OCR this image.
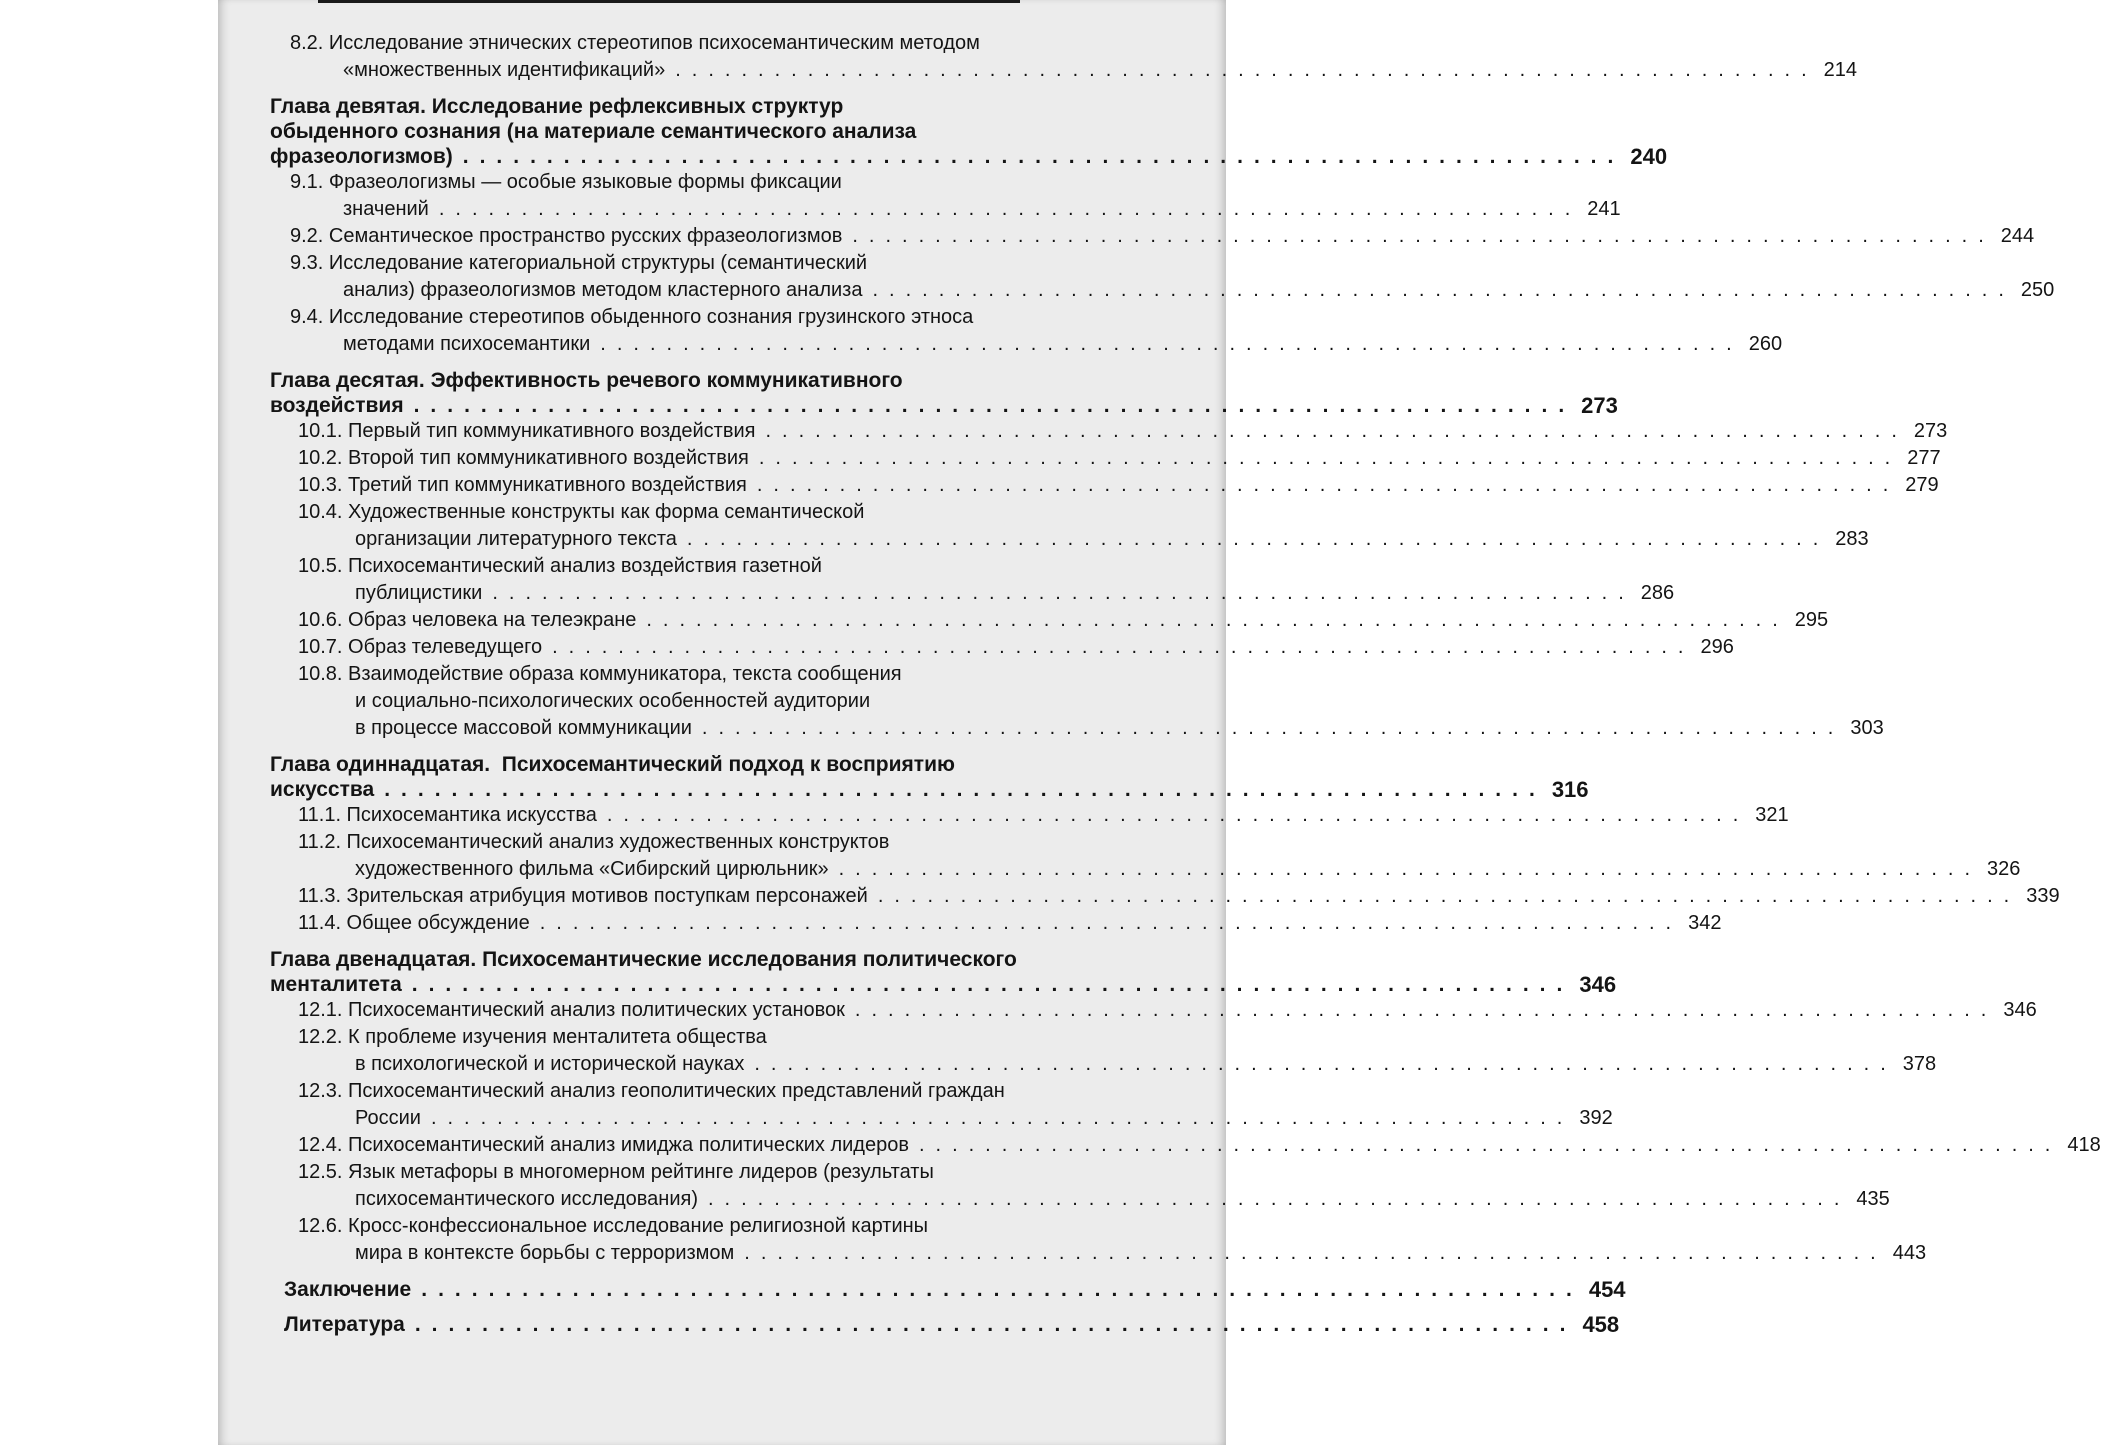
8.2. Исследование этнических стереотипов психосемантическим методом
«множественных идентификаций» ..................................................................... 214
Глава девятая. Исследование рефлексивных структур
обыденного сознания (на материале семантического анализа
фразеологизмов) ..................................................................... 240
9.1. Фразеологизмы — особые языковые формы фиксации
значений ..................................................................... 241
9.2. Семантическое пространство русских фразеологизмов ..................................................................... 244
9.3. Исследование категориальной структуры (семантический
анализ) фразеологизмов методом кластерного анализа ..................................................................... 250
9.4. Исследование стереотипов обыденного сознания грузинского этноса
методами психосемантики ..................................................................... 260
Глава десятая. Эффективность речевого коммуникативного
воздействия ..................................................................... 273
10.1. Первый тип коммуникативного воздействия ..................................................................... 273
10.2. Второй тип коммуникативного воздействия ..................................................................... 277
10.3. Третий тип коммуникативного воздействия ..................................................................... 279
10.4. Художественные конструкты как форма семантической
организации литературного текста ..................................................................... 283
10.5. Психосемантический анализ воздействия газетной
публицистики ..................................................................... 286
10.6. Образ человека на телеэкране ..................................................................... 295
10.7. Образ телеведущего ..................................................................... 296
10.8. Взаимодействие образа коммуникатора, текста сообщения
и социально-психологических особенностей аудитории
в процессе массовой коммуникации ..................................................................... 303
Глава одиннадцатая.  Психосемантический подход к восприятию
искусства ..................................................................... 316
11.1. Психосемантика искусства ..................................................................... 321
11.2. Психосемантический анализ художественных конструктов
художественного фильма «Сибирский цирюльник» ..................................................................... 326
11.3. Зрительская атрибуция мотивов поступкам персонажей ..................................................................... 339
11.4. Общее обсуждение ..................................................................... 342
Глава двенадцатая. Психосемантические исследования политического
менталитета ..................................................................... 346
12.1. Психосемантический анализ политических установок ..................................................................... 346
12.2. К проблеме изучения менталитета общества
в психологической и исторической науках ..................................................................... 378
12.3. Психосемантический анализ геополитических представлений граждан
России ..................................................................... 392
12.4. Психосемантический анализ имиджа политических лидеров ..................................................................... 418
12.5. Язык метафоры в многомерном рейтинге лидеров (результаты
психосемантического исследования) ..................................................................... 435
12.6. Кросс-конфессиональное исследование религиозной картины
мира в контексте борьбы с терроризмом ..................................................................... 443
Заключение ..................................................................... 454
Литература ..................................................................... 458
